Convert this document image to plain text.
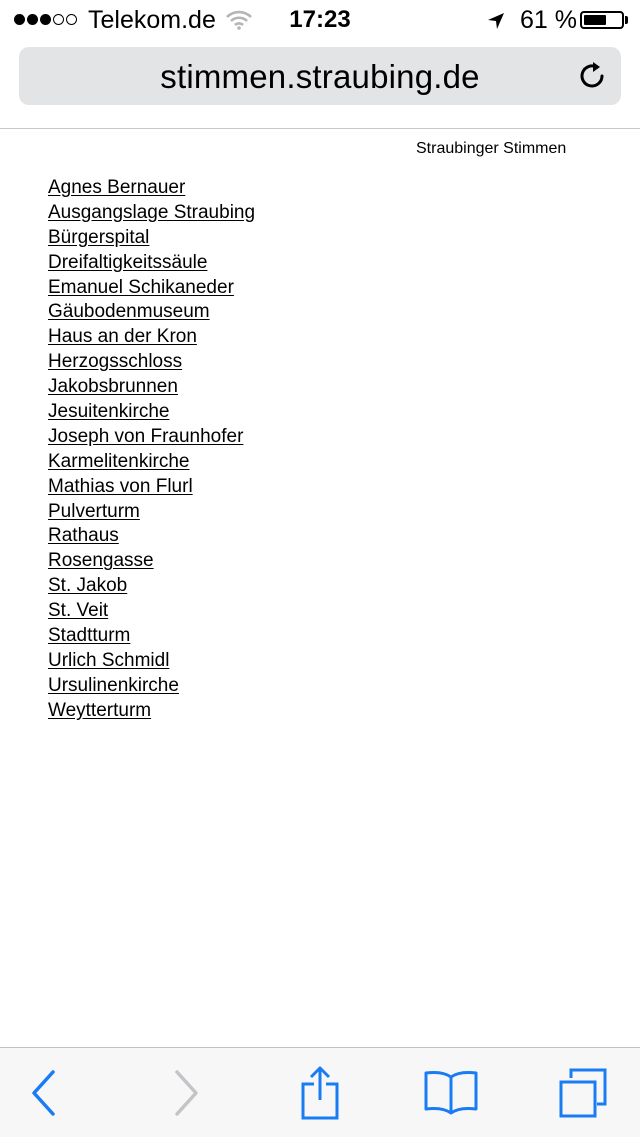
Telekom.de	17:23	61 %
stimmen.straubing.de
Straubinger Stimmen
Agnes Bernauer
Ausgangslage Straubing
Bürgerspital
Dreifaltigkeitssäule
Emanuel Schikaneder
Gäubodenmuseum
Haus an der Kron
Herzogsschloss
Jakobsbrunnen
Jesuitenkirche
Joseph von Fraunhofer
Karmelitenkirche
Mathias von Flurl
Pulverturm
Rathaus
Rosengasse
St. Jakob
St. Veit
Stadtturm
Urlich Schmidl
Ursulinenkirche
Weytterturm
